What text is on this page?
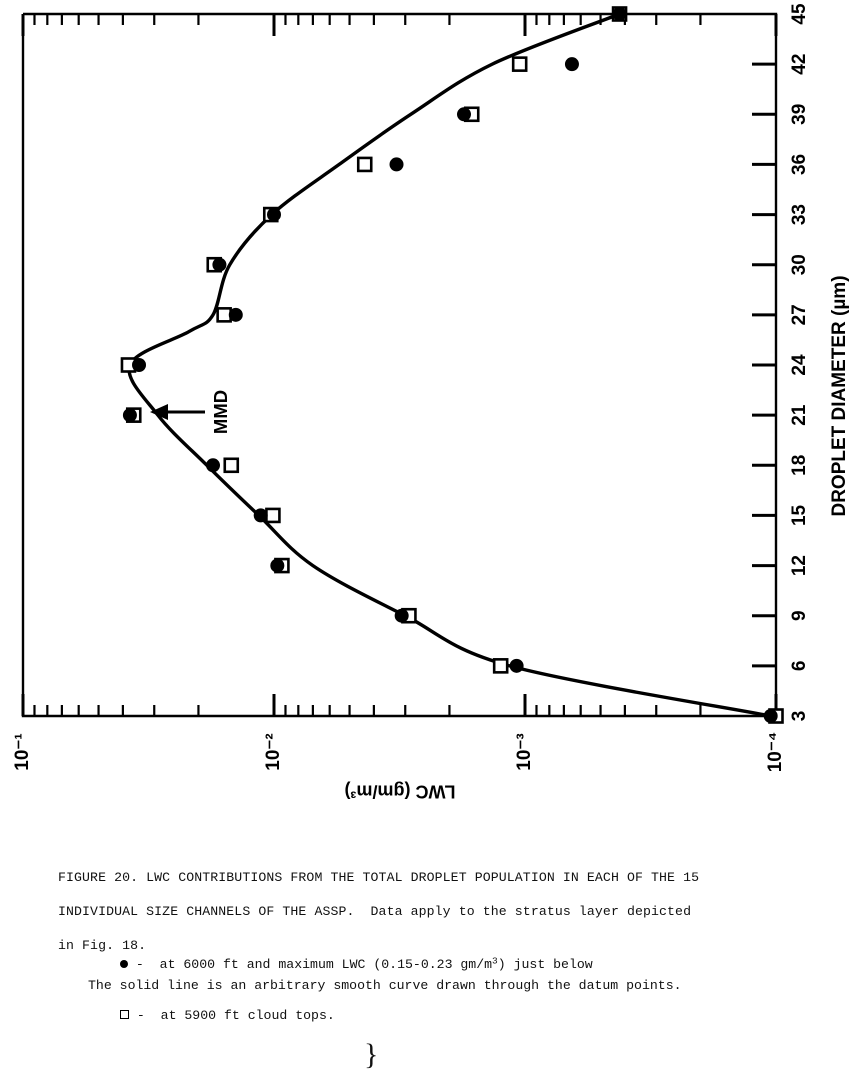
MMD
45
42
39
36
33
30
27
24
21
18
15
12
9
6
3
DROPLET DIAMETER (µm)
10⁻¹	10⁻²	10⁻³	10⁻⁴
LWC (gm/m³)

FIGURE 20. LWC CONTRIBUTIONS FROM THE TOTAL DROPLET POPULATION IN EACH OF THE 15

INDIVIDUAL SIZE CHANNELS OF THE ASSP.  Data apply to the stratus layer depicted

in Fig. 18.

-  at 6000 ft and maximum LWC (0.15-0.23 $gm/m^3$) just below

-  at 5900 ft cloud tops.

}

The solid line is an arbitrary smooth curve drawn through the datum points.
